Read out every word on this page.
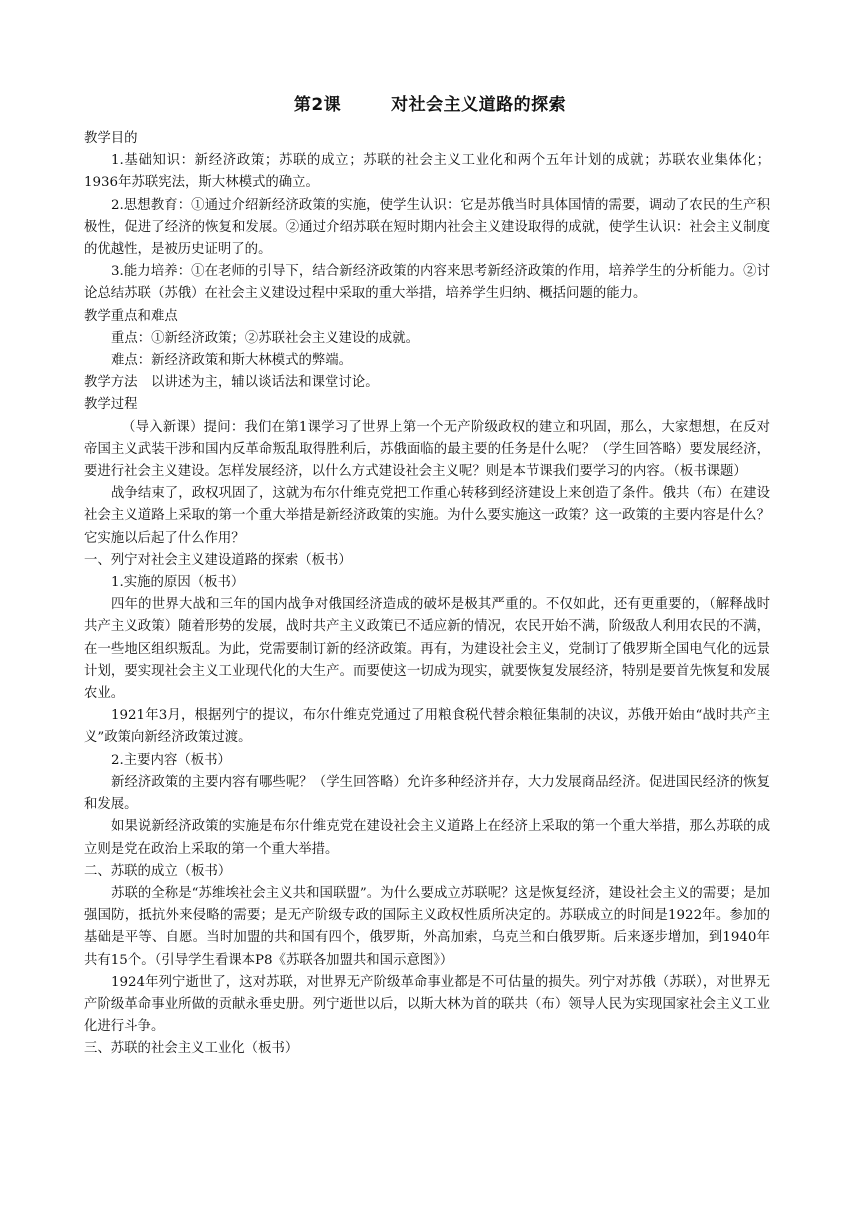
第2课	对社会主义道路的探索

教学目的

1.基础知识：新经济政策；苏联的成立；苏联的社会主义工业化和两个五年计划的成就；苏联农业集体化；1936年苏联宪法，斯大林模式的确立。

2.思想教育：①通过介绍新经济政策的实施，使学生认识：它是苏俄当时具体国情的需要，调动了农民的生产积极性，促进了经济的恢复和发展。②通过介绍苏联在短时期内社会主义建设取得的成就，使学生认识：社会主义制度的优越性，是被历史证明了的。

3.能力培养：①在老师的引导下，结合新经济政策的内容来思考新经济政策的作用，培养学生的分析能力。②讨论总结苏联（苏俄）在社会主义建设过程中采取的重大举措，培养学生归纳、概括问题的能力。

教学重点和难点

重点：①新经济政策；②苏联社会主义建设的成就。

难点：新经济政策和斯大林模式的弊端。

教学方法　以讲述为主，辅以谈话法和课堂讨论。

教学过程

（导入新课）提问：我们在第1课学习了世界上第一个无产阶级政权的建立和巩固，那么，大家想想，在反对帝国主义武装干涉和国内反革命叛乱取得胜利后，苏俄面临的最主要的任务是什么呢？（学生回答略）要发展经济，要进行社会主义建设。怎样发展经济，以什么方式建设社会主义呢？则是本节课我们要学习的内容。（板书课题）

战争结束了，政权巩固了，这就为布尔什维克党把工作重心转移到经济建设上来创造了条件。俄共（布）在建设社会主义道路上采取的第一个重大举措是新经济政策的实施。为什么要实施这一政策？这一政策的主要内容是什么？它实施以后起了什么作用？

一、列宁对社会主义建设道路的探索（板书）

1.实施的原因（板书）

四年的世界大战和三年的国内战争对俄国经济造成的破坏是极其严重的。不仅如此，还有更重要的，（解释战时共产主义政策）随着形势的发展，战时共产主义政策已不适应新的情况，农民开始不满，阶级敌人利用农民的不满，在一些地区组织叛乱。为此，党需要制订新的经济政策。再有，为建设社会主义，党制订了俄罗斯全国电气化的远景计划，要实现社会主义工业现代化的大生产。而要使这一切成为现实，就要恢复发展经济，特别是要首先恢复和发展农业。

1921年3月，根据列宁的提议，布尔什维克党通过了用粮食税代替余粮征集制的决议，苏俄开始由“战时共产主义”政策向新经济政策过渡。

2.主要内容（板书）

新经济政策的主要内容有哪些呢？（学生回答略）允许多种经济并存，大力发展商品经济。促进国民经济的恢复和发展。

如果说新经济政策的实施是布尔什维克党在建设社会主义道路上在经济上采取的第一个重大举措，那么苏联的成立则是党在政治上采取的第一个重大举措。

二、苏联的成立（板书）

苏联的全称是“苏维埃社会主义共和国联盟”。为什么要成立苏联呢？这是恢复经济，建设社会主义的需要；是加强国防，抵抗外来侵略的需要；是无产阶级专政的国际主义政权性质所决定的。苏联成立的时间是1922年。参加的基础是平等、自愿。当时加盟的共和国有四个，俄罗斯，外高加索，乌克兰和白俄罗斯。后来逐步增加，到1940年共有15个。（引导学生看课本P8《苏联各加盟共和国示意图》）

1924年列宁逝世了，这对苏联，对世界无产阶级革命事业都是不可估量的损失。列宁对苏俄（苏联），对世界无产阶级革命事业所做的贡献永垂史册。列宁逝世以后，以斯大林为首的联共（布）领导人民为实现国家社会主义工业化进行斗争。

三、苏联的社会主义工业化（板书）
